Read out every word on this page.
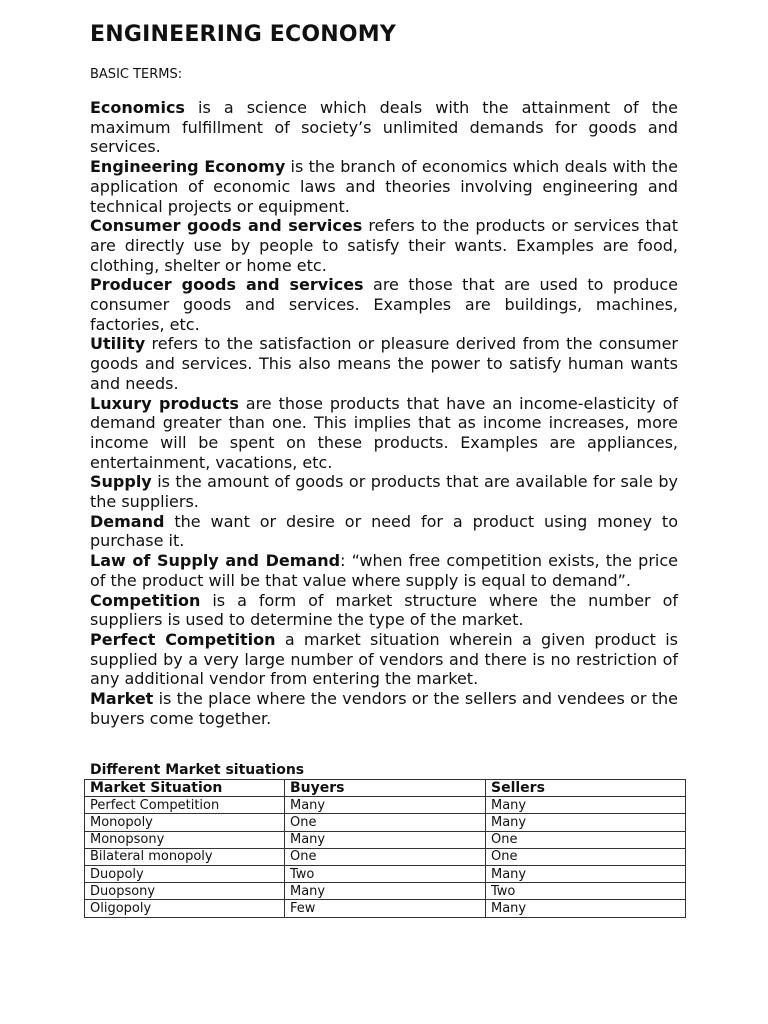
ENGINEERING ECONOMY
BASIC TERMS:

Economics is a science which deals with the attainment of the maximum fulfillment of society’s unlimited demands for goods and services.

Engineering Economy is the branch of economics which deals with the application of economic laws and theories involving engineering and technical projects or equipment.

Consumer goods and services refers to the products or services that are directly use by people to satisfy their wants. Examples are food, clothing, shelter or home etc.

Producer goods and services are those that are used to produce consumer goods and services. Examples are buildings, machines, factories, etc.

Utility refers to the satisfaction or pleasure derived from the consumer goods and services. This also means the power to satisfy human wants and needs.

Luxury products are those products that have an income-elasticity of demand greater than one. This implies that as income increases, more income will be spent on these products. Examples are appliances, entertainment, vacations, etc.

Supply is the amount of goods or products that are available for sale by the suppliers.

Demand the want or desire or need for a product using money to purchase it.

Law of Supply and Demand: “when free competition exists, the price of the product will be that value where supply is equal to demand”.

Competition is a form of market structure where the number of suppliers is used to determine the type of the market.

Perfect Competition a market situation wherein a given product is supplied by a very large number of vendors and there is no restriction of any additional vendor from entering the market.

Market is the place where the vendors or the sellers and vendees or the buyers come together.

Different Market situations
Market Situation	Buyers	Sellers
Perfect Competition	Many	Many
Monopoly	One	Many
Monopsony	Many	One
Bilateral monopoly	One	One
Duopoly	Two	Many
Duopsony	Many	Two
Oligopoly	Few	Many
